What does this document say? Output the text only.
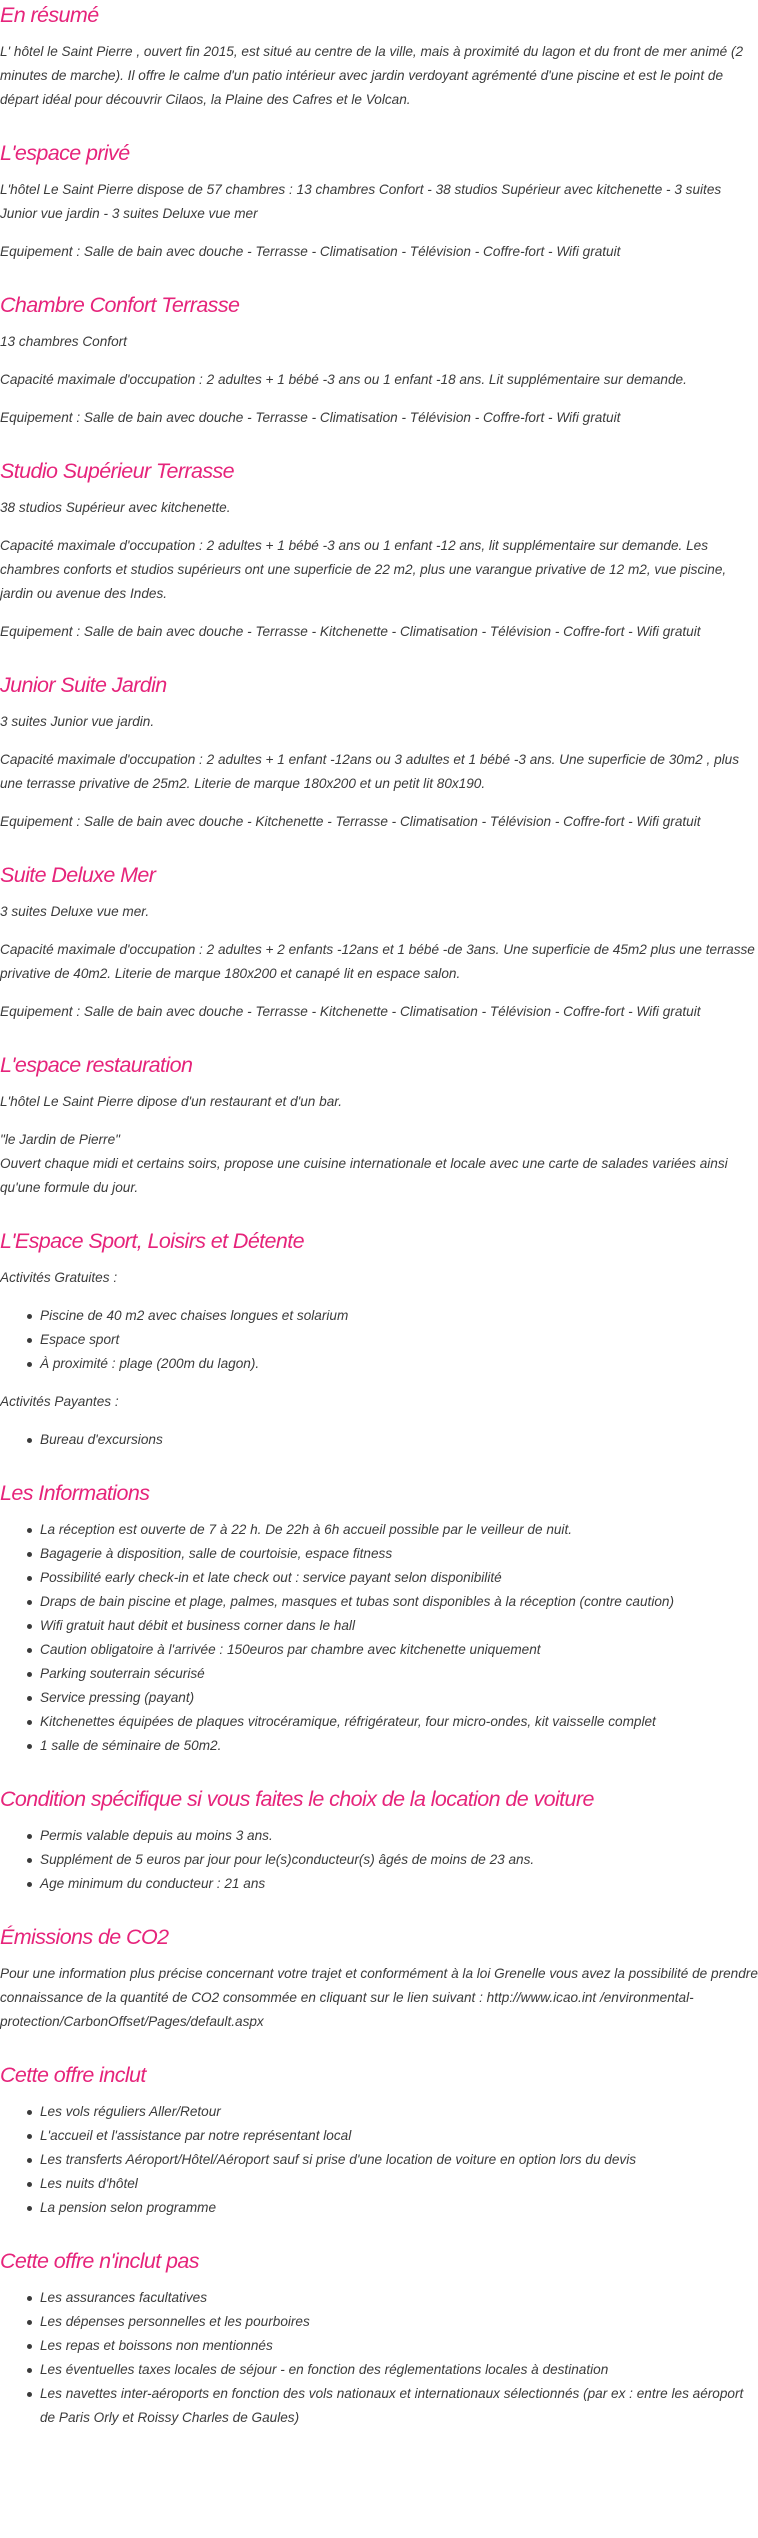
En résumé

L' hôtel le Saint Pierre , ouvert fin 2015, est situé au centre de la ville, mais à proximité du lagon et du front de mer animé (2 minutes de marche). Il offre le calme d'un patio intérieur avec jardin verdoyant agrémenté d'une piscine et est le point de départ idéal pour découvrir Cilaos, la Plaine des Cafres et le Volcan.

L'espace privé

L'hôtel Le Saint Pierre dispose de 57 chambres : 13 chambres Confort - 38 studios Supérieur avec kitchenette - 3 suites Junior vue jardin - 3 suites Deluxe vue mer

Equipement : Salle de bain avec douche - Terrasse - Climatisation - Télévision - Coffre-fort - Wifi gratuit

Chambre Confort Terrasse

13 chambres Confort

Capacité maximale d'occupation : 2 adultes + 1 bébé -3 ans ou 1 enfant -18 ans. Lit supplémentaire sur demande.

Equipement : Salle de bain avec douche - Terrasse - Climatisation - Télévision - Coffre-fort - Wifi gratuit

Studio Supérieur Terrasse

38 studios Supérieur avec kitchenette.

Capacité maximale d'occupation : 2 adultes + 1 bébé -3 ans ou 1 enfant -12 ans, lit supplémentaire sur demande. Les chambres conforts et studios supérieurs ont une superficie de 22 m2, plus une varangue privative de 12 m2, vue piscine, jardin ou avenue des Indes.

Equipement : Salle de bain avec douche - Terrasse - Kitchenette - Climatisation - Télévision - Coffre-fort - Wifi gratuit

Junior Suite Jardin

3 suites Junior vue jardin.

Capacité maximale d'occupation : 2 adultes + 1 enfant -12ans ou 3 adultes et 1 bébé -3 ans. Une superficie de 30m2 , plus une terrasse privative de 25m2. Literie de marque 180x200 et un petit lit 80x190.

Equipement : Salle de bain avec douche - Kitchenette - Terrasse - Climatisation - Télévision - Coffre-fort - Wifi gratuit

Suite Deluxe Mer

3 suites Deluxe vue mer.

Capacité maximale d'occupation : 2 adultes + 2 enfants -12ans et 1 bébé -de 3ans. Une superficie de 45m2 plus une terrasse privative de 40m2. Literie de marque 180x200 et canapé lit en espace salon.

Equipement : Salle de bain avec douche - Terrasse - Kitchenette - Climatisation - Télévision - Coffre-fort - Wifi gratuit

L'espace restauration

L'hôtel Le Saint Pierre dipose d'un restaurant et d'un bar.

"le Jardin de Pierre"
Ouvert chaque midi et certains soirs, propose une cuisine internationale et locale avec une carte de salades variées ainsi qu'une formule du jour.

L'Espace Sport, Loisirs et Détente

Activités Gratuites :

Piscine de 40 m2 avec chaises longues et solarium
Espace sport
À proximité : plage (200m du lagon).

Activités Payantes :

Bureau d'excursions
Les Informations
La réception est ouverte de 7 à 22 h. De 22h à 6h accueil possible par le veilleur de nuit.
Bagagerie à disposition, salle de courtoisie, espace fitness
Possibilité early check-in et late check out : service payant selon disponibilité
Draps de bain piscine et plage, palmes, masques et tubas sont disponibles à la réception (contre caution)
Wifi gratuit haut débit et business corner dans le hall
Caution obligatoire à l'arrivée : 150euros par chambre avec kitchenette uniquement
Parking souterrain sécurisé
Service pressing (payant)
Kitchenettes équipées de plaques vitrocéramique, réfrigérateur, four micro-ondes, kit vaisselle complet
1 salle de séminaire de 50m2.
Condition spécifique si vous faites le choix de la location de voiture
Permis valable depuis au moins 3 ans.
Supplément de 5 euros par jour pour le(s)conducteur(s) âgés de moins de 23 ans.
Age minimum du conducteur : 21 ans
Émissions de CO2

Pour une information plus précise concernant votre trajet et conformément à la loi Grenelle vous avez la possibilité de prendre connaissance de la quantité de CO2 consommée en cliquant sur le lien suivant : http://www.icao.int /environmental-protection/CarbonOffset/Pages/default.aspx

Cette offre inclut
Les vols réguliers Aller/Retour
L'accueil et l'assistance par notre représentant local
Les transferts Aéroport/Hôtel/Aéroport sauf si prise d'une location de voiture en option lors du devis
Les nuits d'hôtel
La pension selon programme
Cette offre n'inclut pas
Les assurances facultatives
Les dépenses personnelles et les pourboires
Les repas et boissons non mentionnés
Les éventuelles taxes locales de séjour - en fonction des réglementations locales à destination
Les navettes inter-aéroports en fonction des vols nationaux et internationaux sélectionnés (par ex : entre les aéroport de Paris Orly et Roissy Charles de Gaules)
